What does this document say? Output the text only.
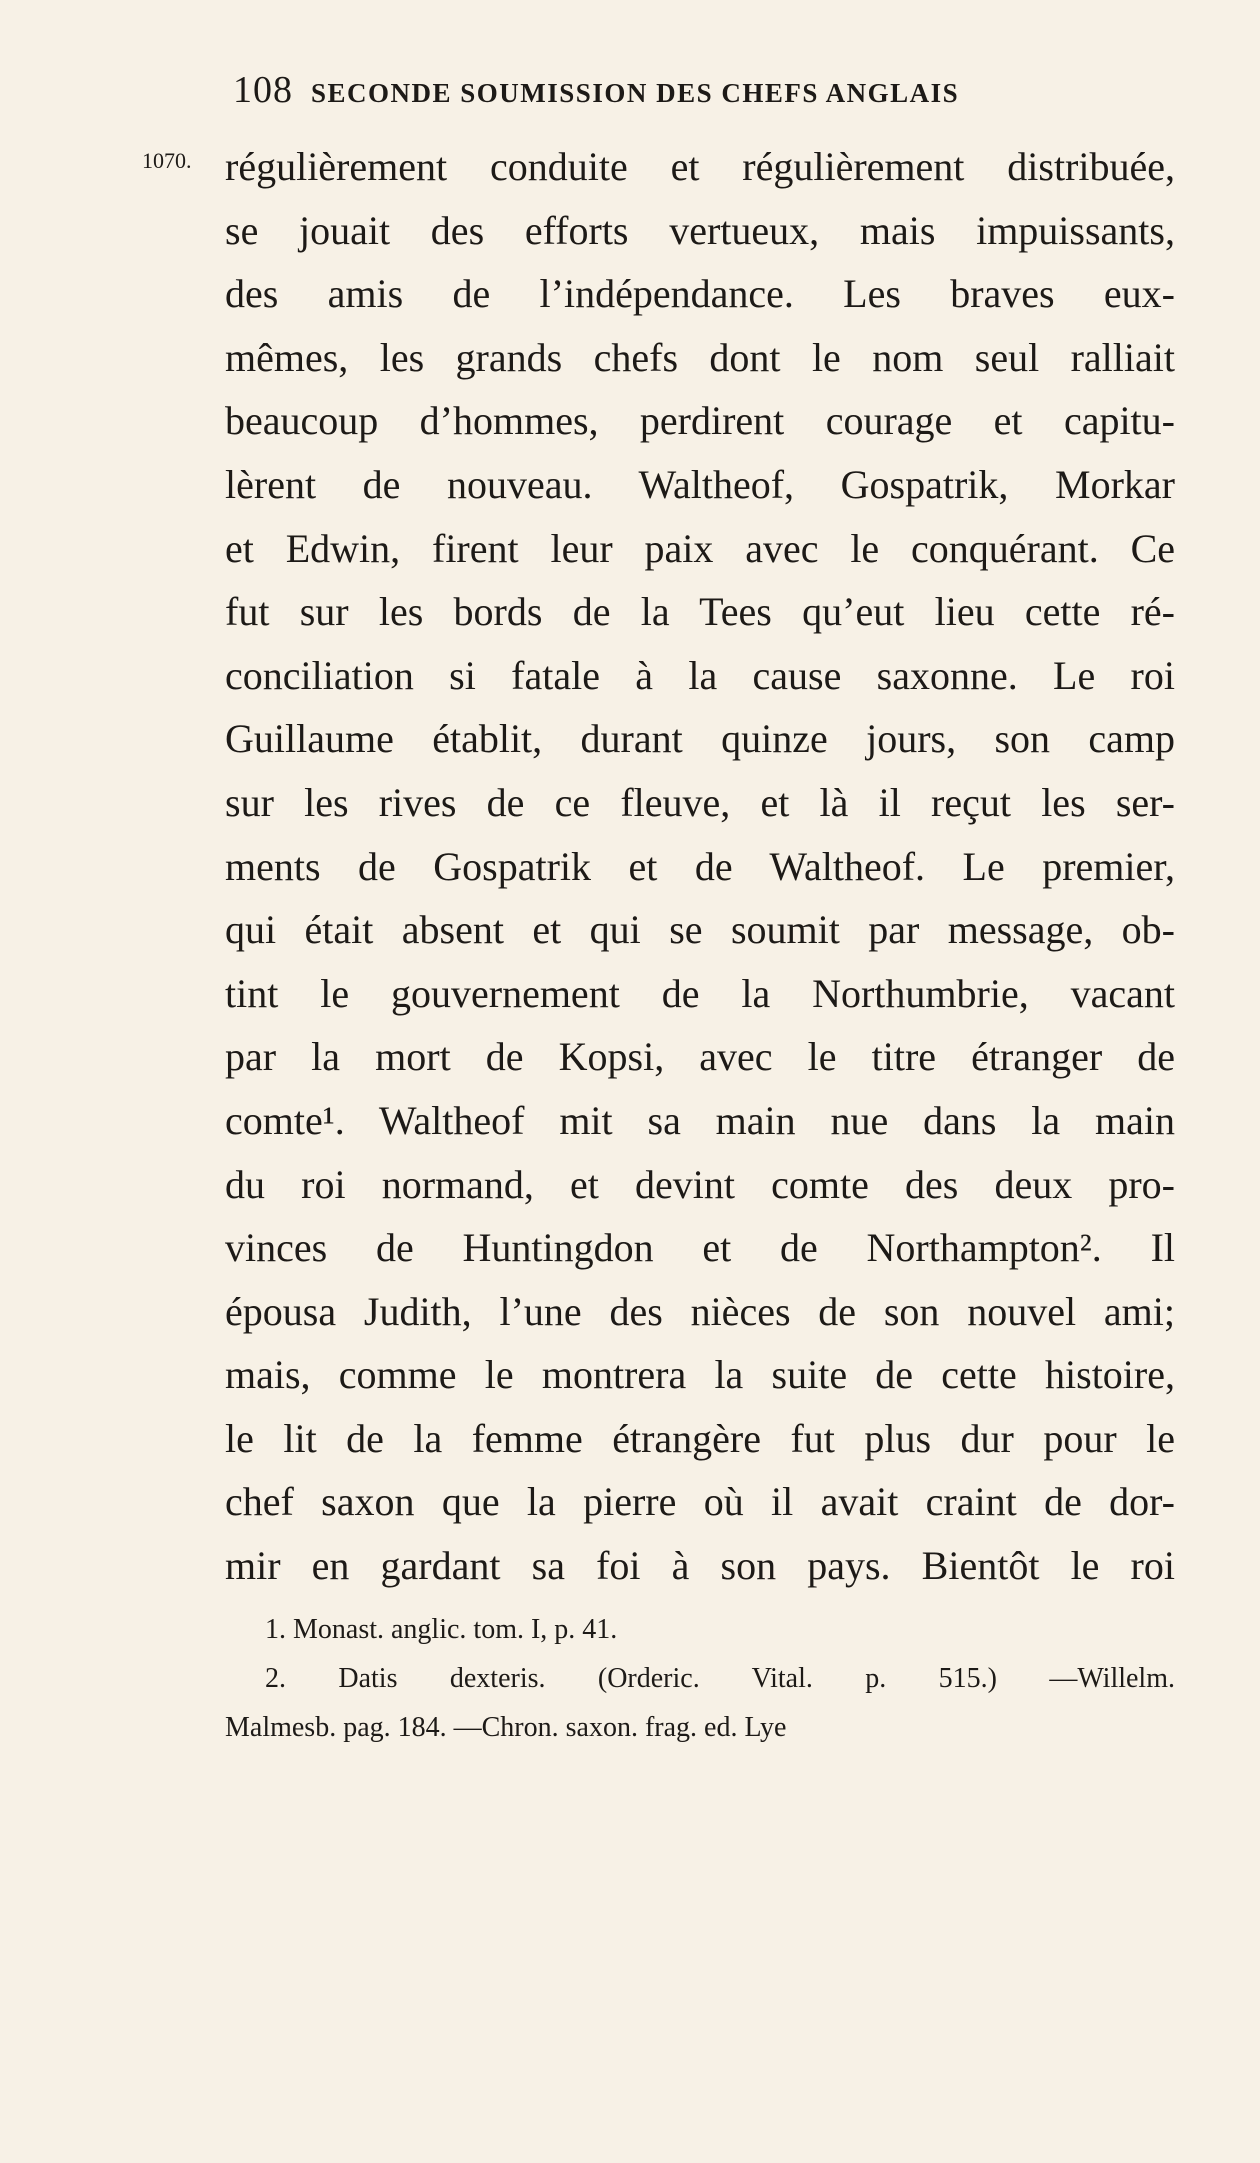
108 SECONDE SOUMISSION DES CHEFS ANGLAIS
1070. régulièrement conduite et régulièrement distribuée,
se jouait des efforts vertueux, mais impuissants,
des amis de l’indépendance. Les braves eux-
mêmes, les grands chefs dont le nom seul ralliait
beaucoup d’hommes, perdirent courage et capitu-
lèrent de nouveau. Waltheof, Gospatrik, Morkar
et Edwin, firent leur paix avec le conquérant. Ce
fut sur les bords de la Tees qu’eut lieu cette ré-
conciliation si fatale à la cause saxonne. Le roi
Guillaume établit, durant quinze jours, son camp
sur les rives de ce fleuve, et là il reçut les ser-
ments de Gospatrik et de Waltheof. Le premier,
qui était absent et qui se soumit par message, ob-
tint le gouvernement de la Northumbrie, vacant
par la mort de Kopsi, avec le titre étranger de
comte¹. Waltheof mit sa main nue dans la main
du roi normand, et devint comte des deux pro-
vinces de Huntingdon et de Northampton². Il
épousa Judith, l’une des nièces de son nouvel ami;
mais, comme le montrera la suite de cette histoire,
le lit de la femme étrangère fut plus dur pour le
chef saxon que la pierre où il avait craint de dor-
mir en gardant sa foi à son pays. Bientôt le roi
1. Monast. anglic. tom. I, p. 41.
2. Datis dexteris. (Orderic. Vital. p. 515.) —Willelm.
Malmesb. pag. 184. —Chron. saxon. frag. ed. Lye
